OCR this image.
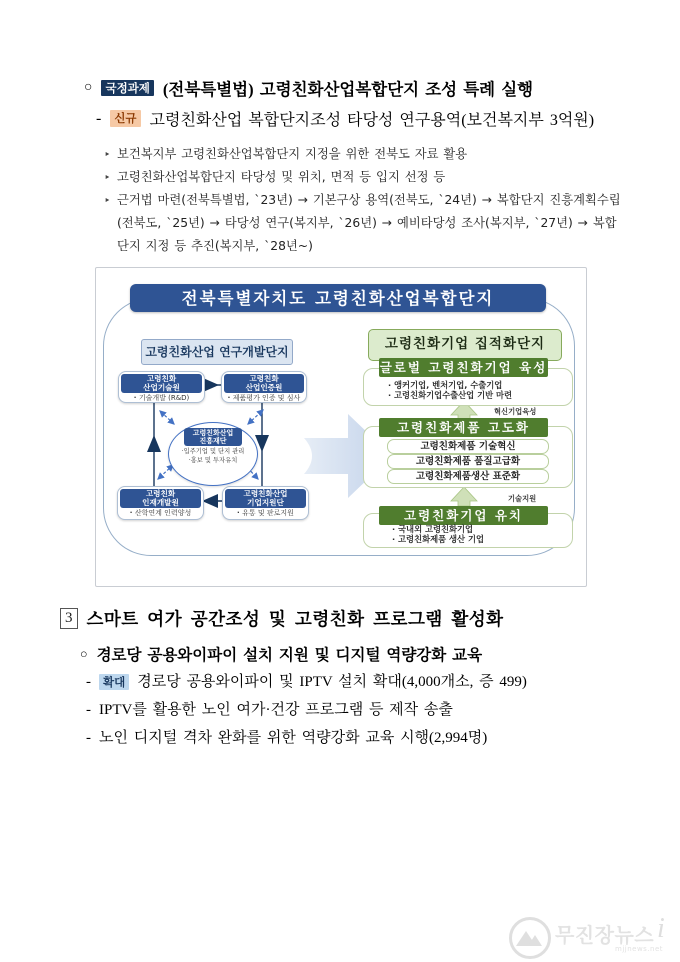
○	국정과제 (전북특별법) 고령친화산업복합단지 조성 특례 실행
-	신규 고령친화산업 복합단지조성 타당성 연구용역(보건복지부 3억원)
‣ 보건복지부 고령친화산업복합단지 지정을 위한 전북도 자료 활용
‣ 고령친화산업복합단지 타당성 및 위치, 면적 등 입지 선정 등
‣ 근거법 마련(전북특별법, `23년) → 기본구상 용역(전북도, `24년) → 복합단지 진흥계획수립 (전북도, `25년) → 타당성 연구(복지부, `26년) → 예비타당성 조사(복지부, `27년) → 복합단지 지정 등 추진(복지부, `28년~)
전북특별자치도 고령친화산업복합단지
고령친화산업 연구개발단지
고령친화
산업기술원
· 기술개발 (R&D)
고령친화
산업인증원
· 제품평가 인증 및 심사
고령친화
인재개발원
· 산학연계 인력양성
고령친화산업
기업지원단
· 유통 및 판로지원
고령친화산업
진흥재단
· 입주기업 및 단지 관리
· 홍보 및 투자유치
고령친화기업 집적화단지
글로벌 고령친화기업 육성
· 앵커기업, 벤처기업, 수출기업
· 고령친화기업수출산업 기반 마련
혁신기업육성
고령친화제품 고도화
고령친화제품 기술혁신
고령친화제품 품질고급화
고령친화제품생산 표준화
기술지원
고령친화기업 유치
· 국내외 고령친화기업
· 고령친화제품 생산 기업
3 스마트 여가 공간조성 및 고령친화 프로그램 활성화
○ 경로당 공용와이파이 설치 지원 및 디지털 역량강화 교육
-	확대 경로당 공용와이파이 및 IPTV 설치 확대(4,000개소, 증 499)
- IPTV를 활용한 노인 여가·건강 프로그램 등 제작 송출
- 노인 디지털 격차 완화를 위한 역량강화 교육 시행(2,994명)
무진장뉴스 i
mjjnews.net
